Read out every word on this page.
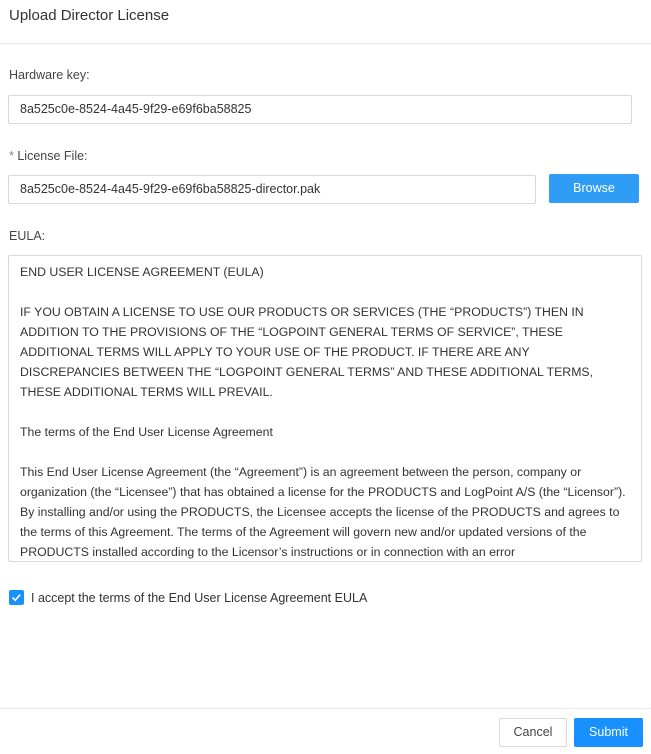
Upload Director License
Hardware key:
8a525c0e-8524-4a45-9f29-e69f6ba58825
* License File:
8a525c0e-8524-4a45-9f29-e69f6ba58825-director.pak	Browse
EULA:

END USER LICENSE AGREEMENT (EULA)

IF YOU OBTAIN A LICENSE TO USE OUR PRODUCTS OR SERVICES (THE “PRODUCTS”) THEN IN ADDITION TO THE PROVISIONS OF THE “LOGPOINT GENERAL TERMS OF SERVICE”, THESE ADDITIONAL TERMS WILL APPLY TO YOUR USE OF THE PRODUCT. IF THERE ARE ANY DISCREPANCIES BETWEEN THE “LOGPOINT GENERAL TERMS” AND THESE ADDITIONAL TERMS, THESE ADDITIONAL TERMS WILL PREVAIL.

The terms of the End User License Agreement

This End User License Agreement (the “Agreement”) is an agreement between the person, company or organization (the “Licensee”) that has obtained a license for the PRODUCTS and LogPoint A/S (the “Licensor”). By installing and/or using the PRODUCTS, the Licensee accepts the license of the PRODUCTS and agrees to the terms of this Agreement. The terms of the Agreement will govern new and/or updated versions of the PRODUCTS installed according to the Licensor’s instructions or in connection with an error

I accept the terms of the End User License Agreement EULA
Cancel	Submit
